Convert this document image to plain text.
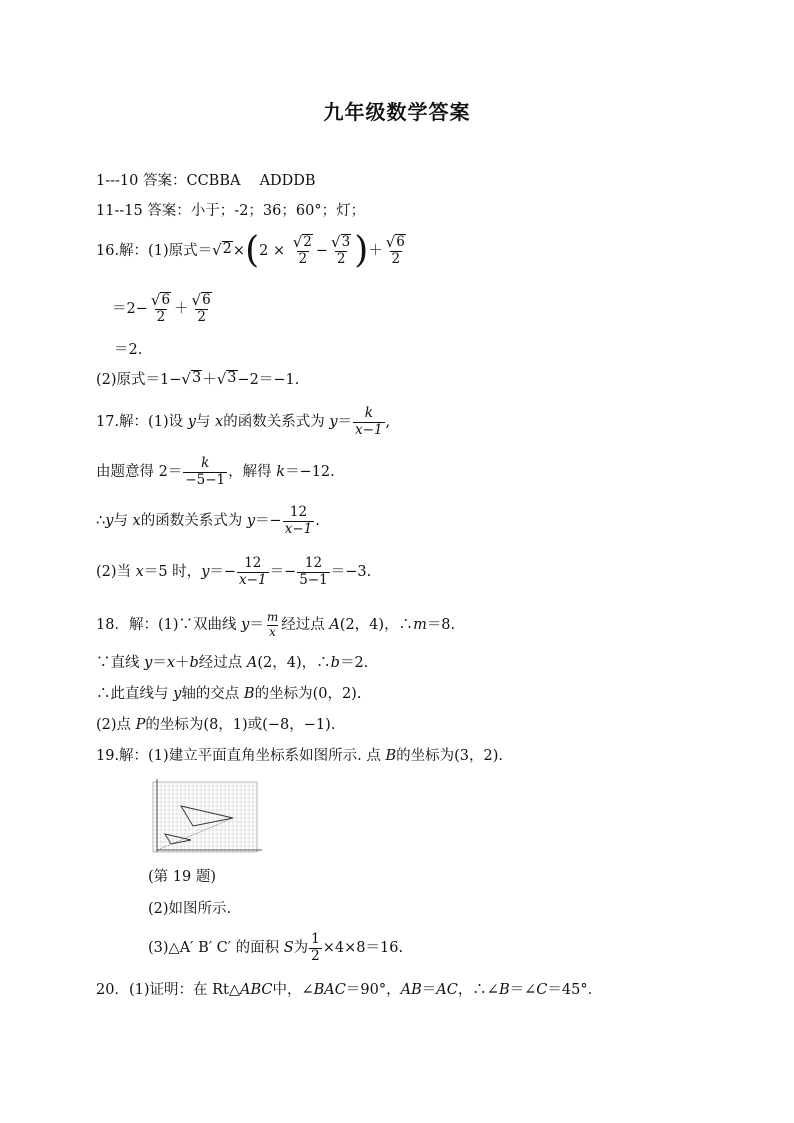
九年级数学答案
1---10 答案：CCBBA　 ADDDB
11--15 答案：小于；-2；36；60°；灯；
16.解：(1)原式＝ √ $2 \times(2 \times \frac{√ 2}{2} - \frac{√ 3}{2}$ )＋ $\frac{√ 6}{2}$
$=2- \frac{√ 6}{2} + \frac{√ 6}{2}$
＝2.
(2)原式＝1− √ 3 ＋ √ 3 −2＝−1.
17.解：(1)设 y与 x的函数关系式为 $y= \frac{k}{x-1}$ ,
由题意得 $2= \frac{k}{-5-1}$ ，解得 k＝−12.
∴y与 x的函数关系式为 $y=- \frac{12}{x-1}$ .
(2)当 x＝5 时，$y=- \frac{12}{x-1} =- \frac{12}{5-1} =-3$.
18．解：(1)∵双曲线 $y= \frac{m}{x}$ 经过点 A(2，4)，∴m＝8.
∵直线 y＝x＋b经过点 A(2，4)，∴b＝2.
∴此直线与 y轴的交点 B的坐标为(0，2).
(2)点 P的坐标为(8，1)或(−8，−1).
19.解：(1)建立平面直角坐标系如图所示. 点 B的坐标为(3，2).
(第 19 题)
(2)如图所示.
(3)△A′ B′ C′ 的面积 S为 $\frac{1}{2} \times 4\times 8=16$.
20．(1)证明：在 Rt△ABC中，∠BAC＝90°，AB＝AC，∴∠B＝∠C＝45°．
